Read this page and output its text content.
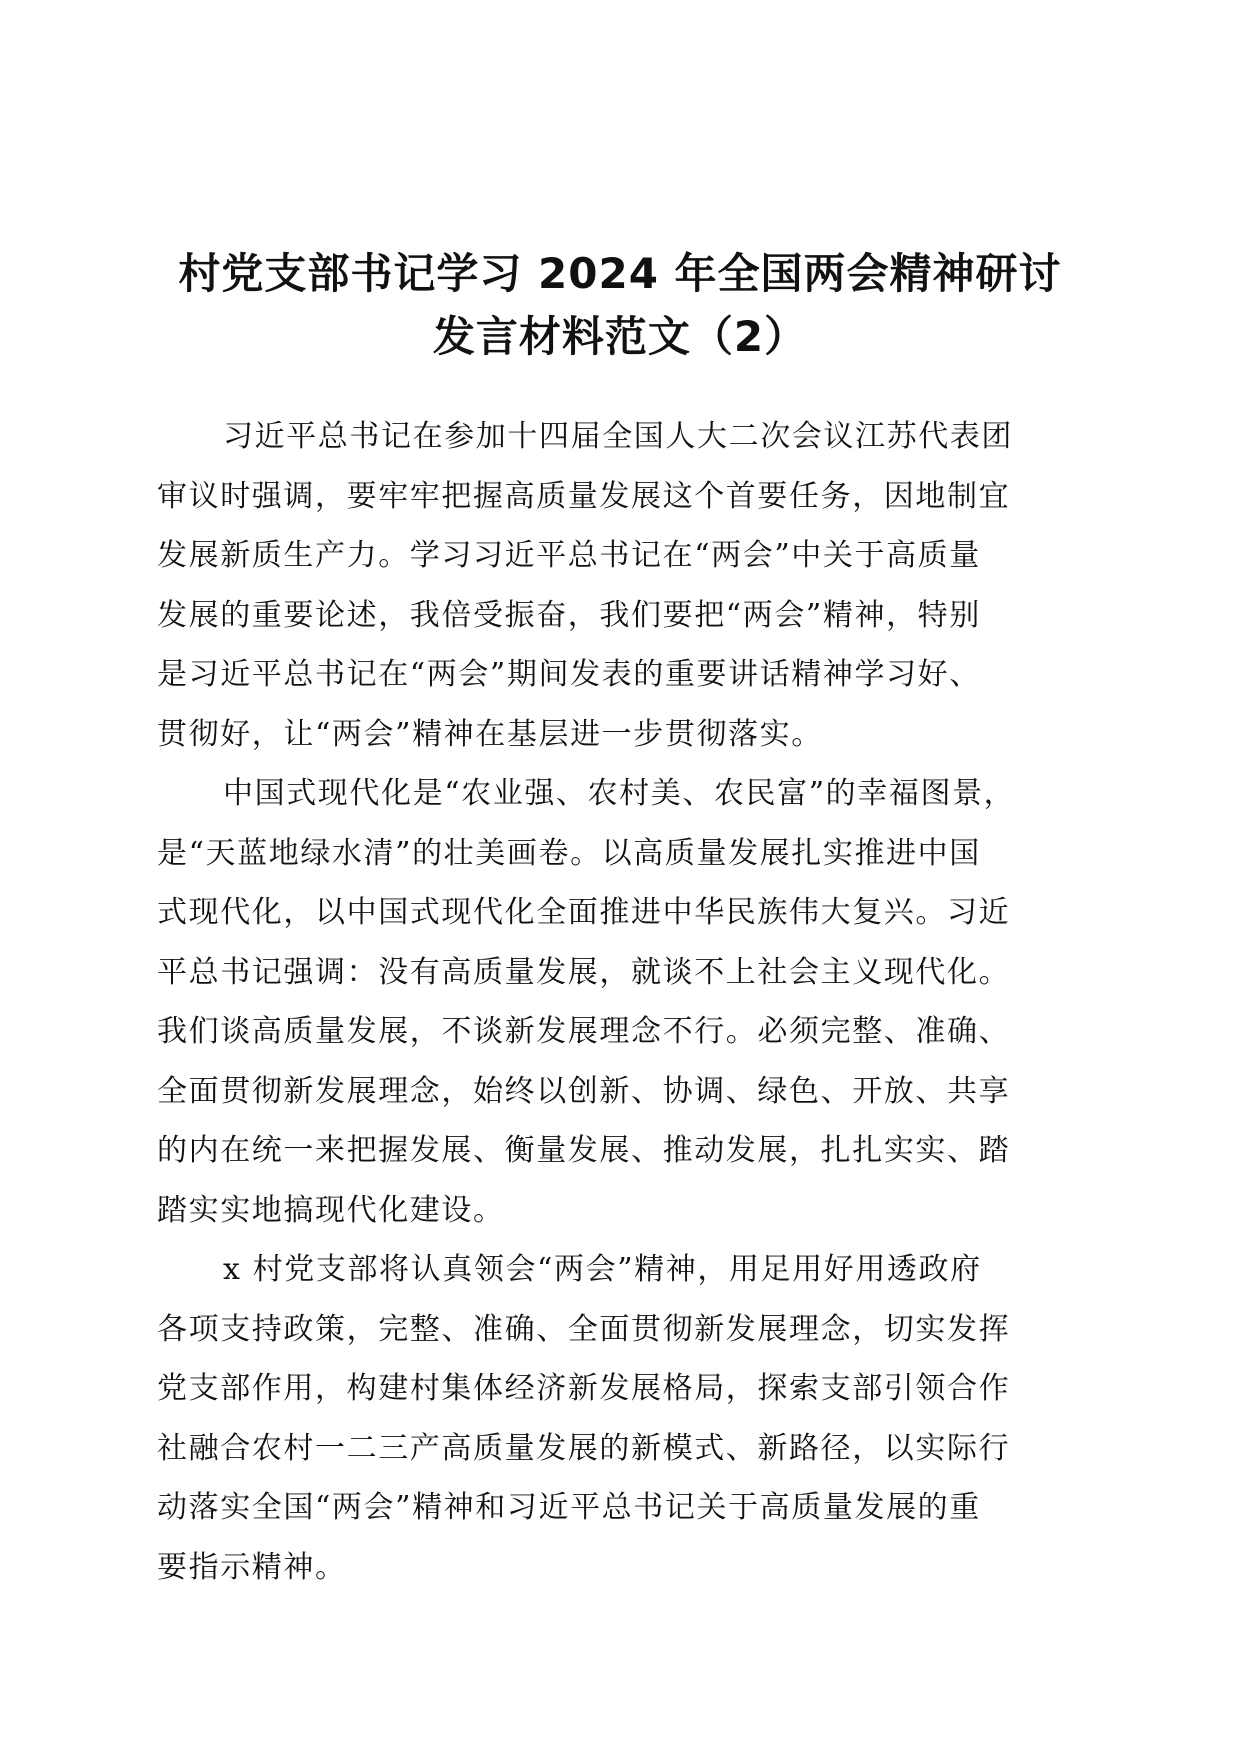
村党支部书记学习 2024 年全国两会精神研讨
发言材料范文（2）
习近平总书记在参加十四届全国人大二次会议江苏代表团
审议时强调，要牢牢把握高质量发展这个首要任务，因地制宜
发展新质生产力。学习习近平总书记在“两会”中关于高质量
发展的重要论述，我倍受振奋，我们要把“两会”精神，特别
是习近平总书记在“两会”期间发表的重要讲话精神学习好、
贯彻好，让“两会”精神在基层进一步贯彻落实。
中国式现代化是“农业强、农村美、农民富”的幸福图景，
是“天蓝地绿水清”的壮美画卷。以高质量发展扎实推进中国
式现代化，以中国式现代化全面推进中华民族伟大复兴。习近
平总书记强调：没有高质量发展，就谈不上社会主义现代化。
我们谈高质量发展，不谈新发展理念不行。必须完整、准确、
全面贯彻新发展理念，始终以创新、协调、绿色、开放、共享
的内在统一来把握发展、衡量发展、推动发展，扎扎实实、踏
踏实实地搞现代化建设。
x 村党支部将认真领会“两会”精神，用足用好用透政府
各项支持政策，完整、准确、全面贯彻新发展理念，切实发挥
党支部作用，构建村集体经济新发展格局，探索支部引领合作
社融合农村一二三产高质量发展的新模式、新路径，以实际行
动落实全国“两会”精神和习近平总书记关于高质量发展的重
要指示精神。
